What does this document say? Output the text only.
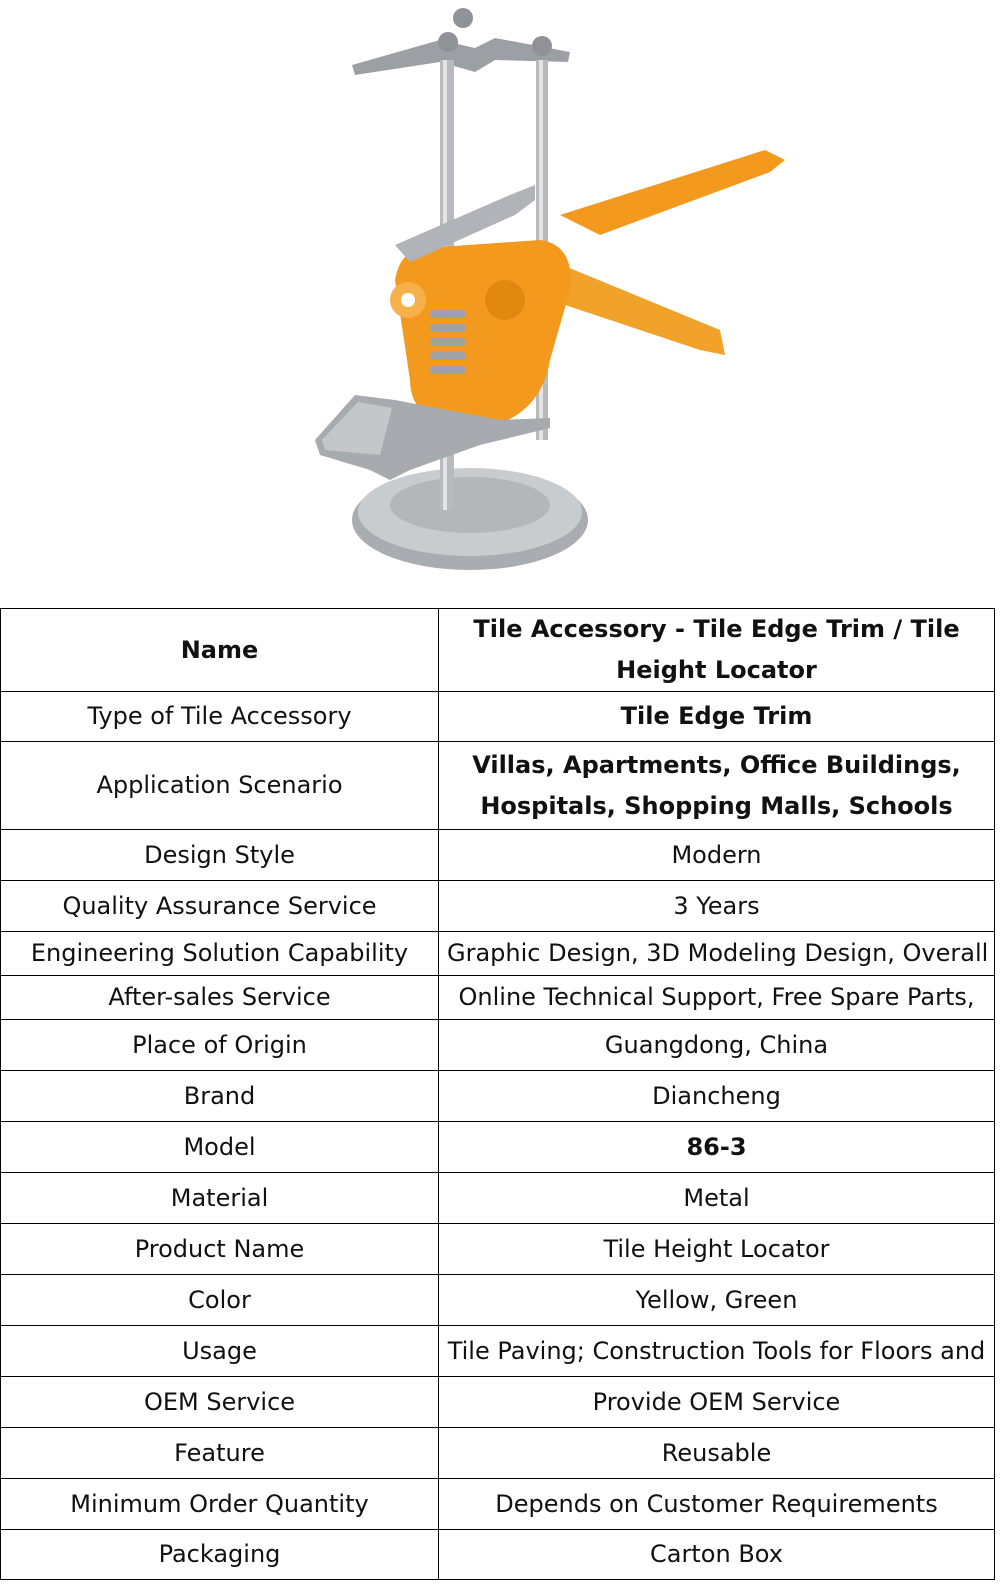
Name	Tile Accessory - Tile Edge Trim / Tile Height Locator
Type of Tile Accessory	Tile Edge Trim
Application Scenario	Villas, Apartments, Office Buildings, Hospitals, Shopping Malls, Schools
Design Style	Modern
Quality Assurance Service	3 Years
Engineering Solution Capability	Graphic Design, 3D Modeling Design, Overall
After-sales Service	Online Technical Support, Free Spare Parts,
Place of Origin	Guangdong, China
Brand	Diancheng
Model	86-3
Material	Metal
Product Name	Tile Height Locator
Color	Yellow, Green
Usage	Tile Paving; Construction Tools for Floors and
OEM Service	Provide OEM Service
Feature	Reusable
Minimum Order Quantity	Depends on Customer Requirements
Packaging	Carton Box
